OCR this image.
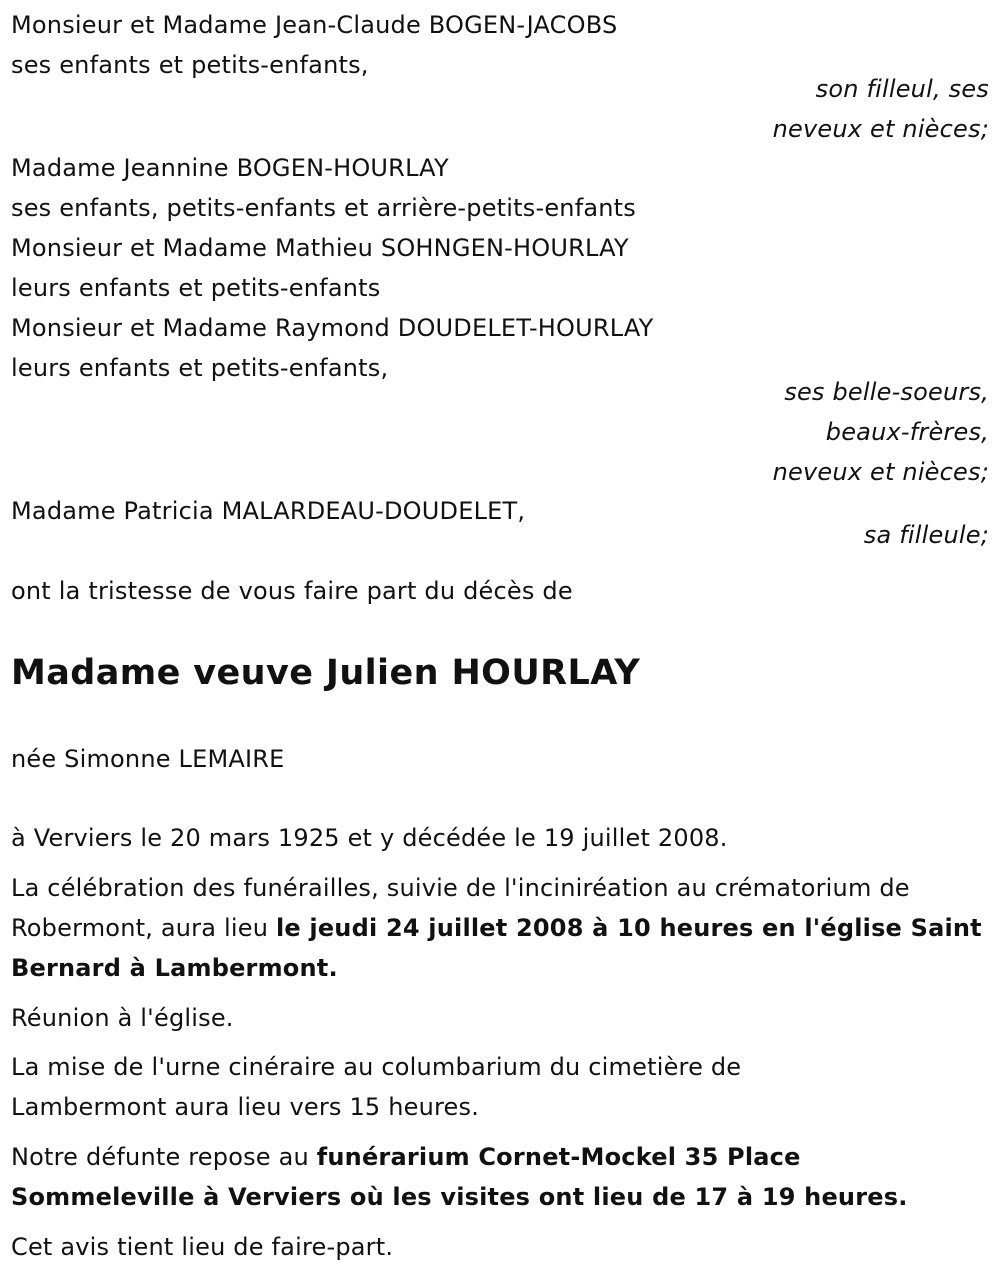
Monsieur et Madame Jean-Claude BOGEN-JACOBS
ses enfants et petits-enfants,
son filleul, ses
neveux et nièces;
Madame Jeannine BOGEN-HOURLAY
ses enfants, petits-enfants et arrière-petits-enfants
Monsieur et Madame Mathieu SOHNGEN-HOURLAY
leurs enfants et petits-enfants
Monsieur et Madame Raymond DOUDELET-HOURLAY
leurs enfants et petits-enfants,
ses belle-soeurs,
beaux-frères,
neveux et nièces;
Madame Patricia MALARDEAU-DOUDELET,
sa filleule;
ont la tristesse de vous faire part du décès de
Madame veuve Julien HOURLAY
née Simonne LEMAIRE
à Verviers le 20 mars 1925 et y décédée le 19 juillet 2008.
La célébration des funérailles, suivie de l'inciniréation au crématorium de Robermont, aura lieu le jeudi 24 juillet 2008 à 10 heures en l'église Saint Bernard à Lambermont.
Réunion à l'église.
La mise de l'urne cinéraire au columbarium du cimetière de Lambermont aura lieu vers 15 heures.
Notre défunte repose au funérarium Cornet-Mockel 35 Place Sommeleville à Verviers où les visites ont lieu de 17 à 19 heures.
Cet avis tient lieu de faire-part.
